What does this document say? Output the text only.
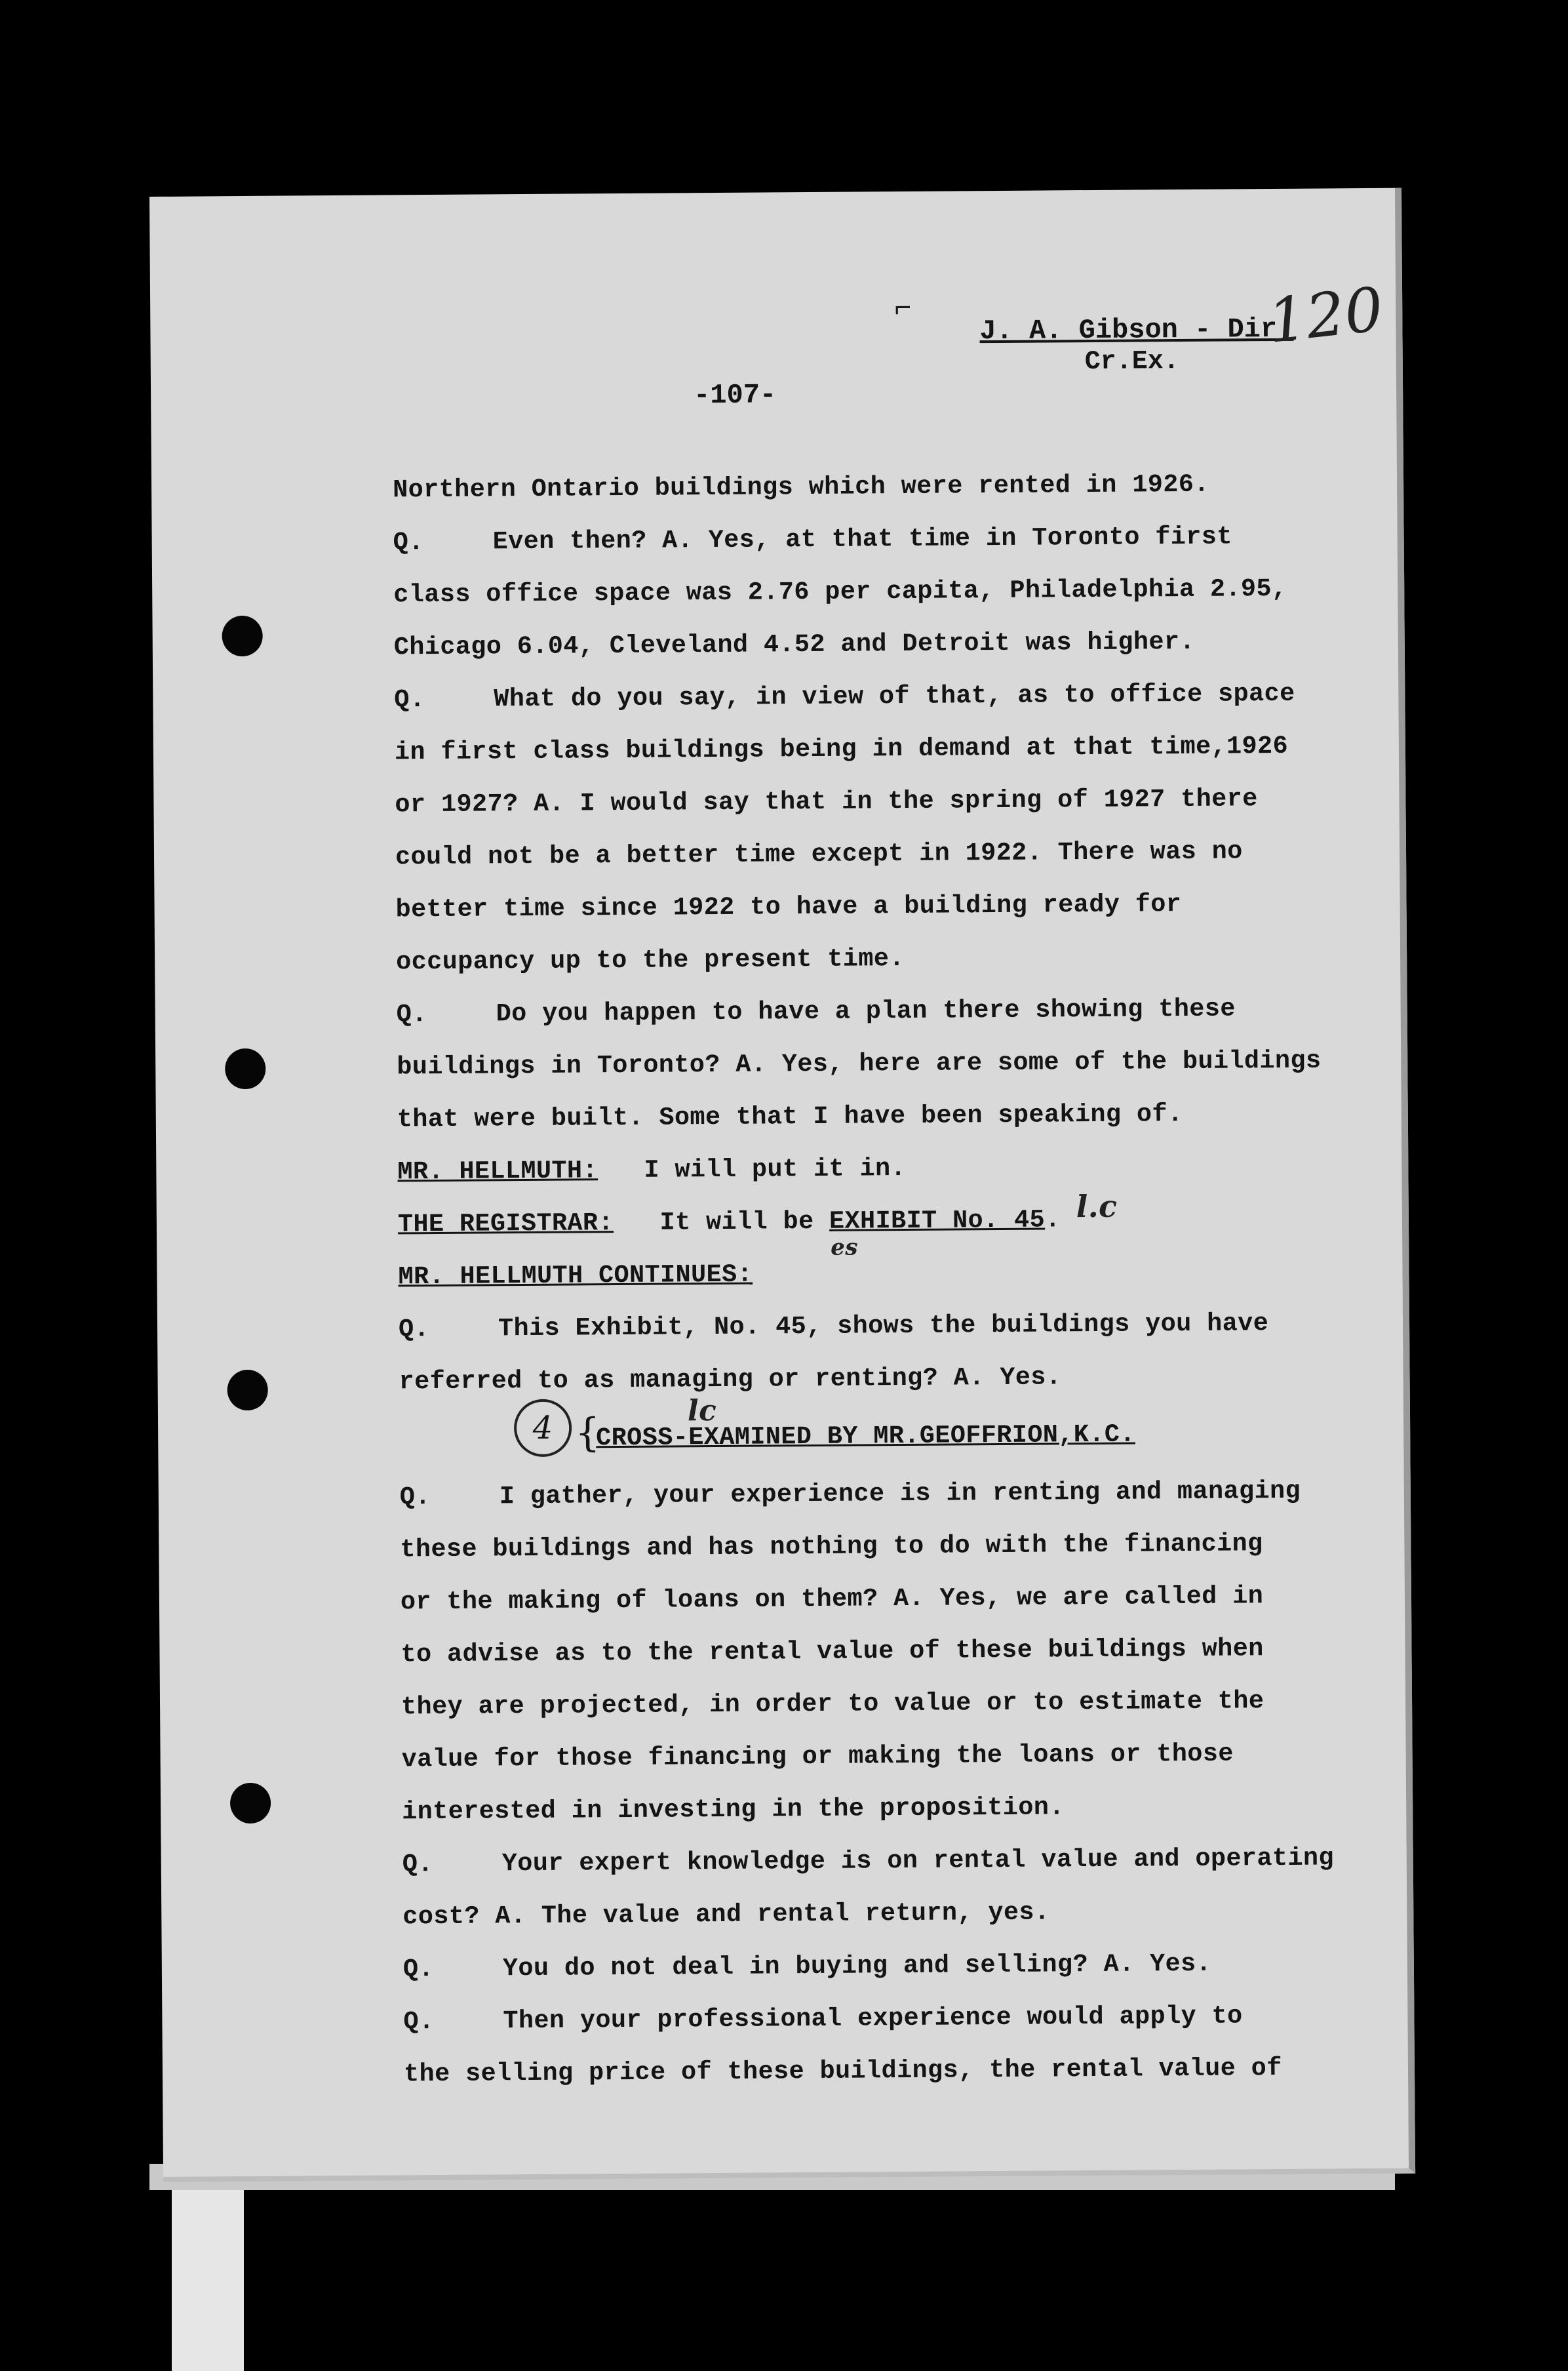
⌐
J. A. Gibson - Dir.
Cr.Ex.
120
-107-
Northern Ontario buildings which were rented in 1926.
Q.	Even then? A. Yes, at that time in Toronto first
class office space was 2.76 per capita, Philadelphia 2.95,
Chicago 6.04, Cleveland 4.52 and Detroit was higher.
Q.	What do you say, in view of that, as to office space
in first class buildings being in demand at that time,1926
or 1927? A. I would say that in the spring of 1927 there
could not be a better time except in 1922. There was no
better time since 1922 to have a building ready for
occupancy up to the present time.
Q.	Do you happen to have a plan there showing these
buildings in Toronto? A. Yes, here are some of the buildings
that were built. Some that I have been speaking of.
MR. HELLMUTH: I will put it in.
THE REGISTRAR: It will be EXHIBIT No. 45. l.c
es
MR. HELLMUTH CONTINUES:
Q.	This Exhibit, No. 45, shows the buildings you have
referred to as managing or renting? A. Yes.
4 {
CROSS-EXAMINED BY MR.GEOFFRION,K.C.
lc
Q.	I gather, your experience is in renting and managing
these buildings and has nothing to do with the financing
or the making of loans on them? A. Yes, we are called in
to advise as to the rental value of these buildings when
they are projected, in order to value or to estimate the
value for those financing or making the loans or those
interested in investing in the proposition.
Q.	Your expert knowledge is on rental value and operating
cost? A. The value and rental return, yes.
Q.	You do not deal in buying and selling? A. Yes.
Q.	Then your professional experience would apply to
the selling price of these buildings, the rental value of
